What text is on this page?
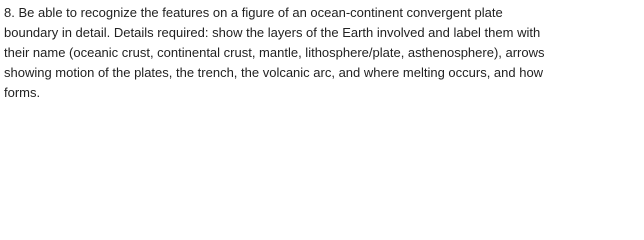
8. Be able to recognize the features on a figure of an ocean-continent convergent plate
boundary in detail. Details required: show the layers of the Earth involved and label them with
their name (oceanic crust, continental crust, mantle, lithosphere/plate, asthenosphere), arrows
showing motion of the plates, the trench, the volcanic arc, and where melting occurs, and how
forms.
